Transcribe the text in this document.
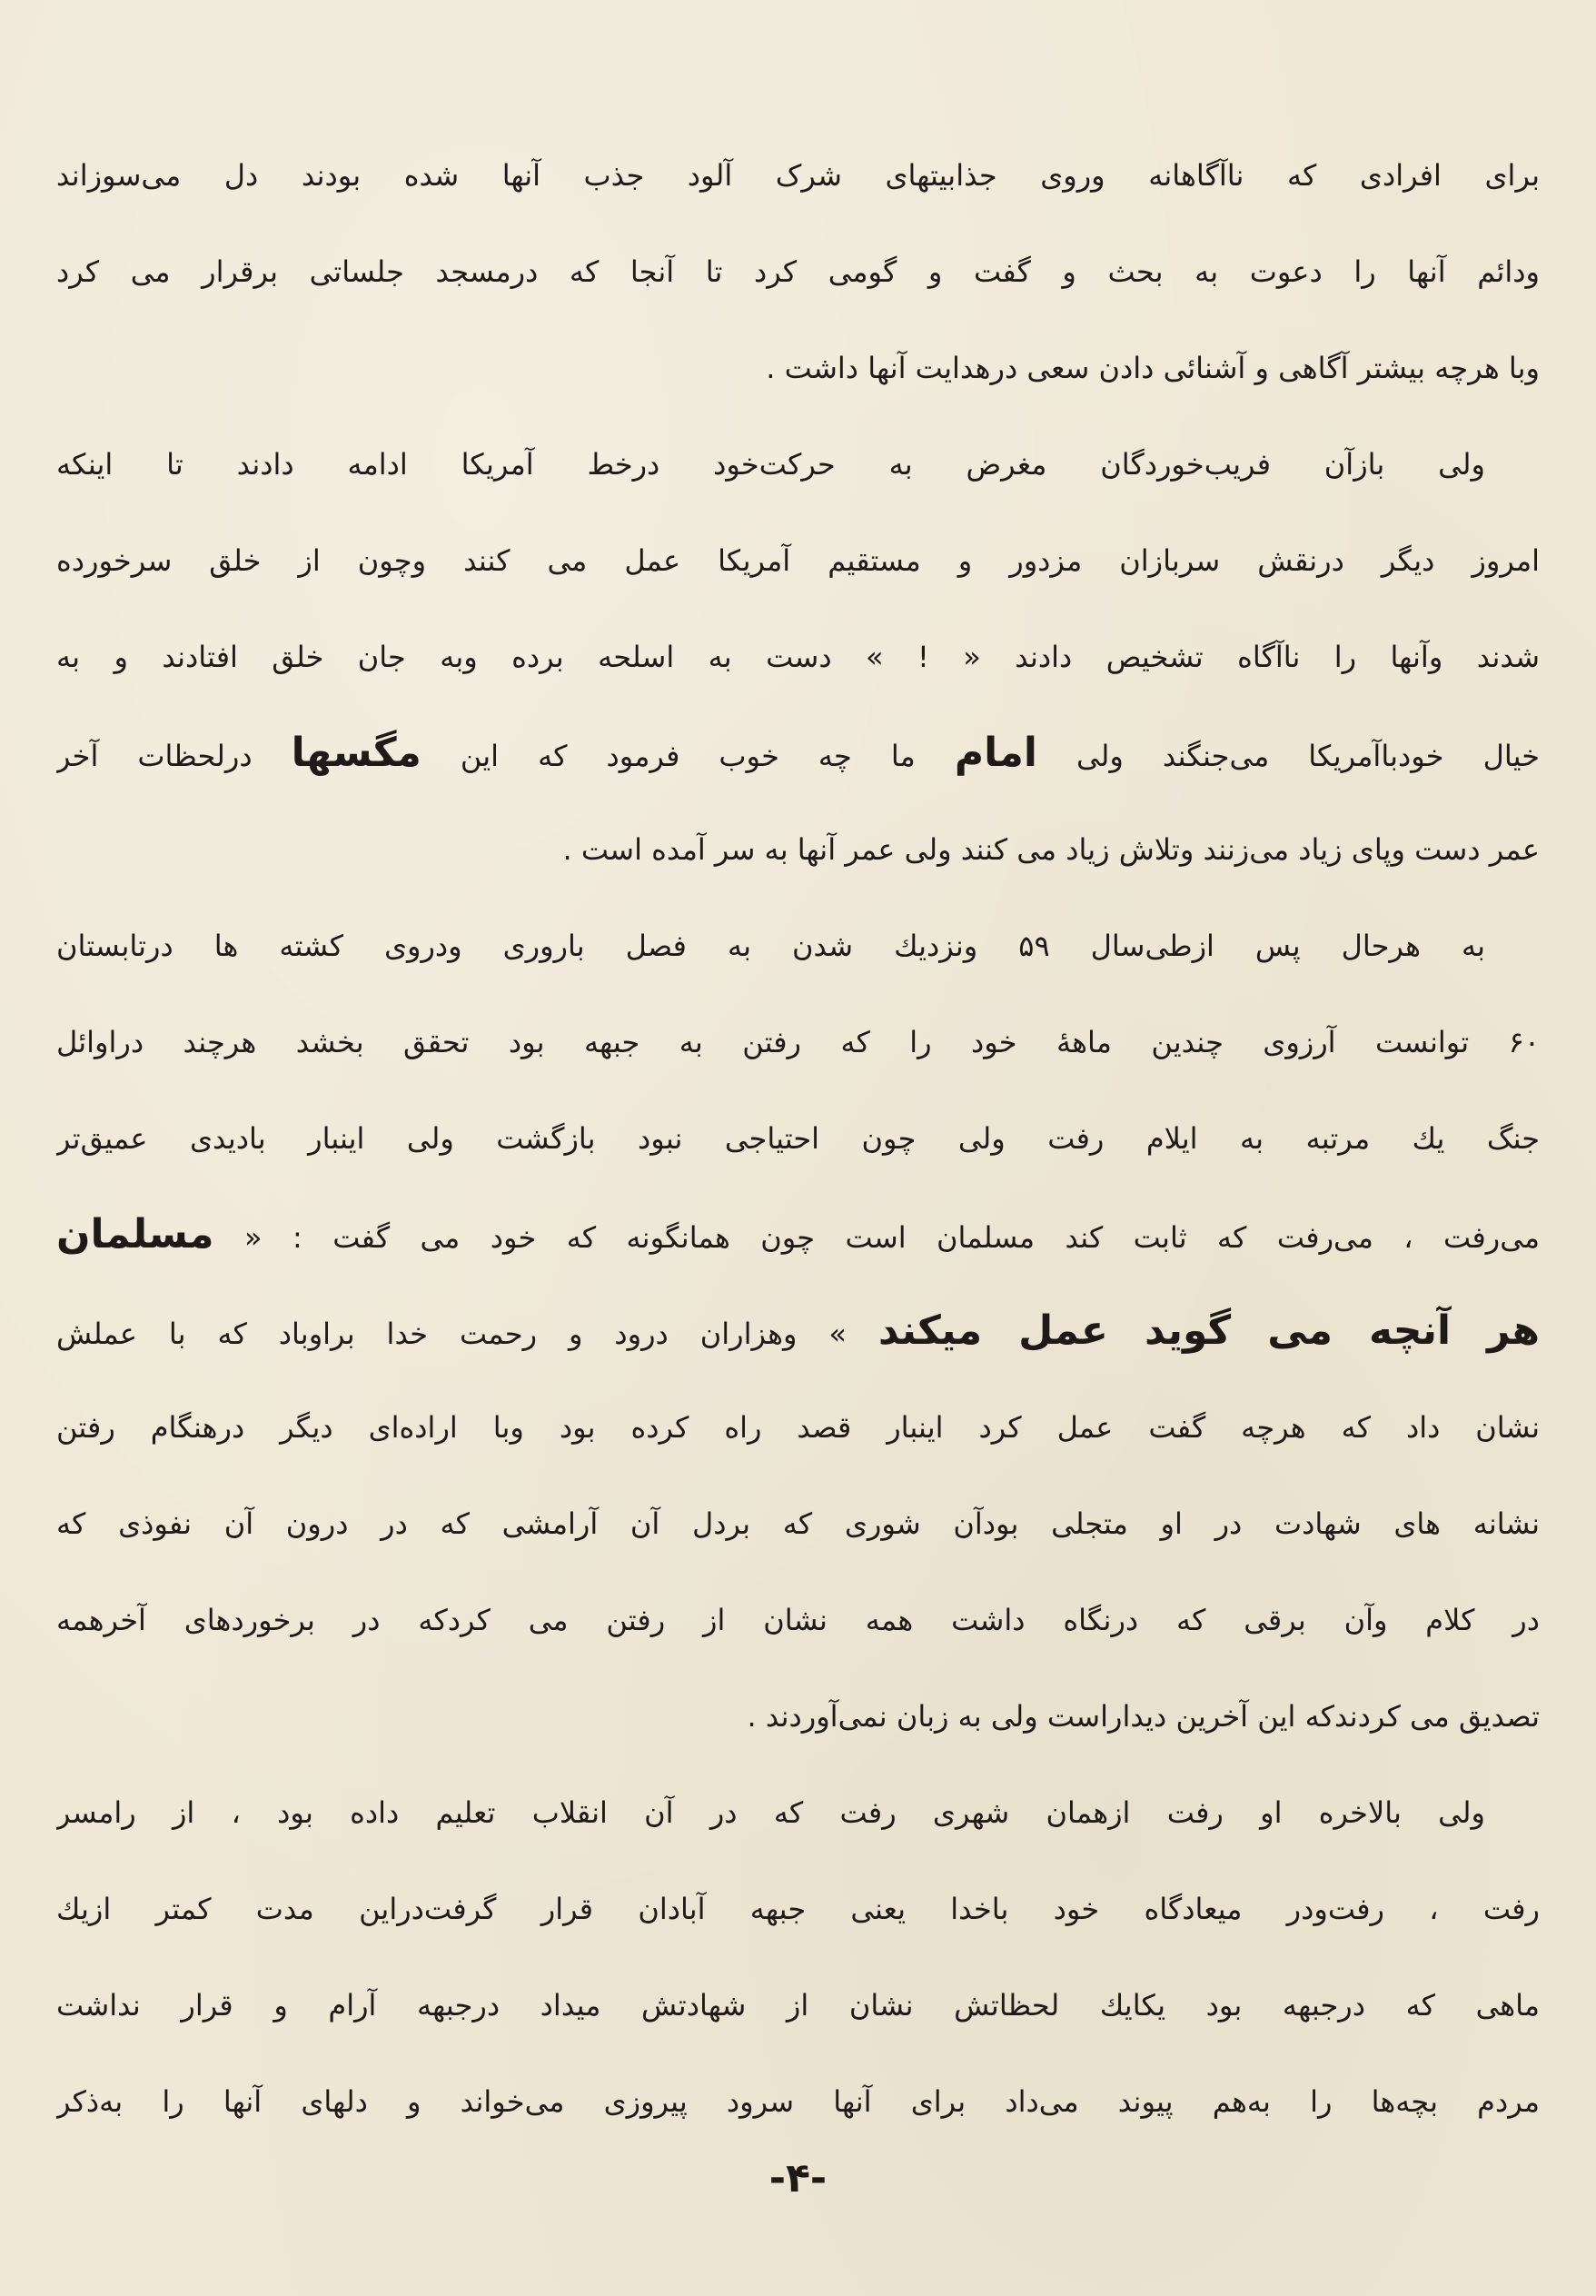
برای افرادی که ناآگاهانه وروی جذابیتهای شرک آلود جذب آنها شده بودند دل می‌سوزاند
ودائم آنها را دعوت به بحث و گفت و گومی کرد تا آنجا که درمسجد جلساتی برقرار می کرد
وبا هرچه بیشتر آگاهی و آشنائی دادن سعی درهدایت آنها داشت .
ولی بازآن فریب‌خوردگان مغرض به حرکت‌خود درخط آمریکا ادامه دادند تا اینکه
امروز دیگر درنقش سربازان مزدور و مستقیم آمریکا عمل می کنند وچون از خلق سرخورده
شدند وآنها را ناآگاه تشخیص دادند « ! » دست به اسلحه برده وبه جان خلق افتادند و به
خیال خودباآمریکا می‌جنگند ولی امام ما چه خوب فرمود که این مگسها درلحظات آخر
عمر دست وپای زیاد می‌زنند وتلاش زیاد می کنند ولی عمر آنها به سر آمده است .
به هرحال پس ازطی‌سال ۵۹ ونزدیك شدن به فصل باروری ودروی کشته ها درتابستان
۶۰ توانست آرزوی چندین ماههٔ خود را که رفتن به جبهه بود تحقق بخشد هرچند دراوائل
جنگ یك مرتبه به ایلام رفت ولی چون احتیاجی نبود بازگشت ولی اینبار بادیدی عمیق‌تر
می‌رفت ، می‌رفت که ثابت کند مسلمان است چون همانگونه که خود می گفت : « مسلمان
هر آنچه می گوید عمل میکند » وهزاران درود و رحمت خدا براوباد که با عملش
نشان داد که هرچه گفت عمل کرد اینبار قصد راه کرده بود وبا اراده‌ای دیگر درهنگام رفتن
نشانه های شهادت در او متجلی بودآن شوری که بردل آن آرامشی که در درون آن نفوذی که
در کلام وآن برقی که درنگاه داشت همه نشان از رفتن می کردکه در برخوردهای آخرهمه
تصدیق می کردندکه این آخرین دیداراست ولی به زبان نمی‌آوردند .
ولی بالاخره او رفت ازهمان شهری رفت که در آن انقلاب تعلیم داده بود ، از رامسر
رفت ، رفت‌ودر میعادگاه خود باخدا یعنی جبهه آبادان قرار گرفت‌دراین مدت کمتر ازیك
ماهی که درجبهه بود یکایك لحظاتش نشان از شهادتش میداد درجبهه آرام و قرار نداشت
مردم بچه‌ها را به‌هم پیوند می‌داد برای آنها سرود پیروزی می‌خواند و دلهای آنها را به‌ذکر
-۴-
